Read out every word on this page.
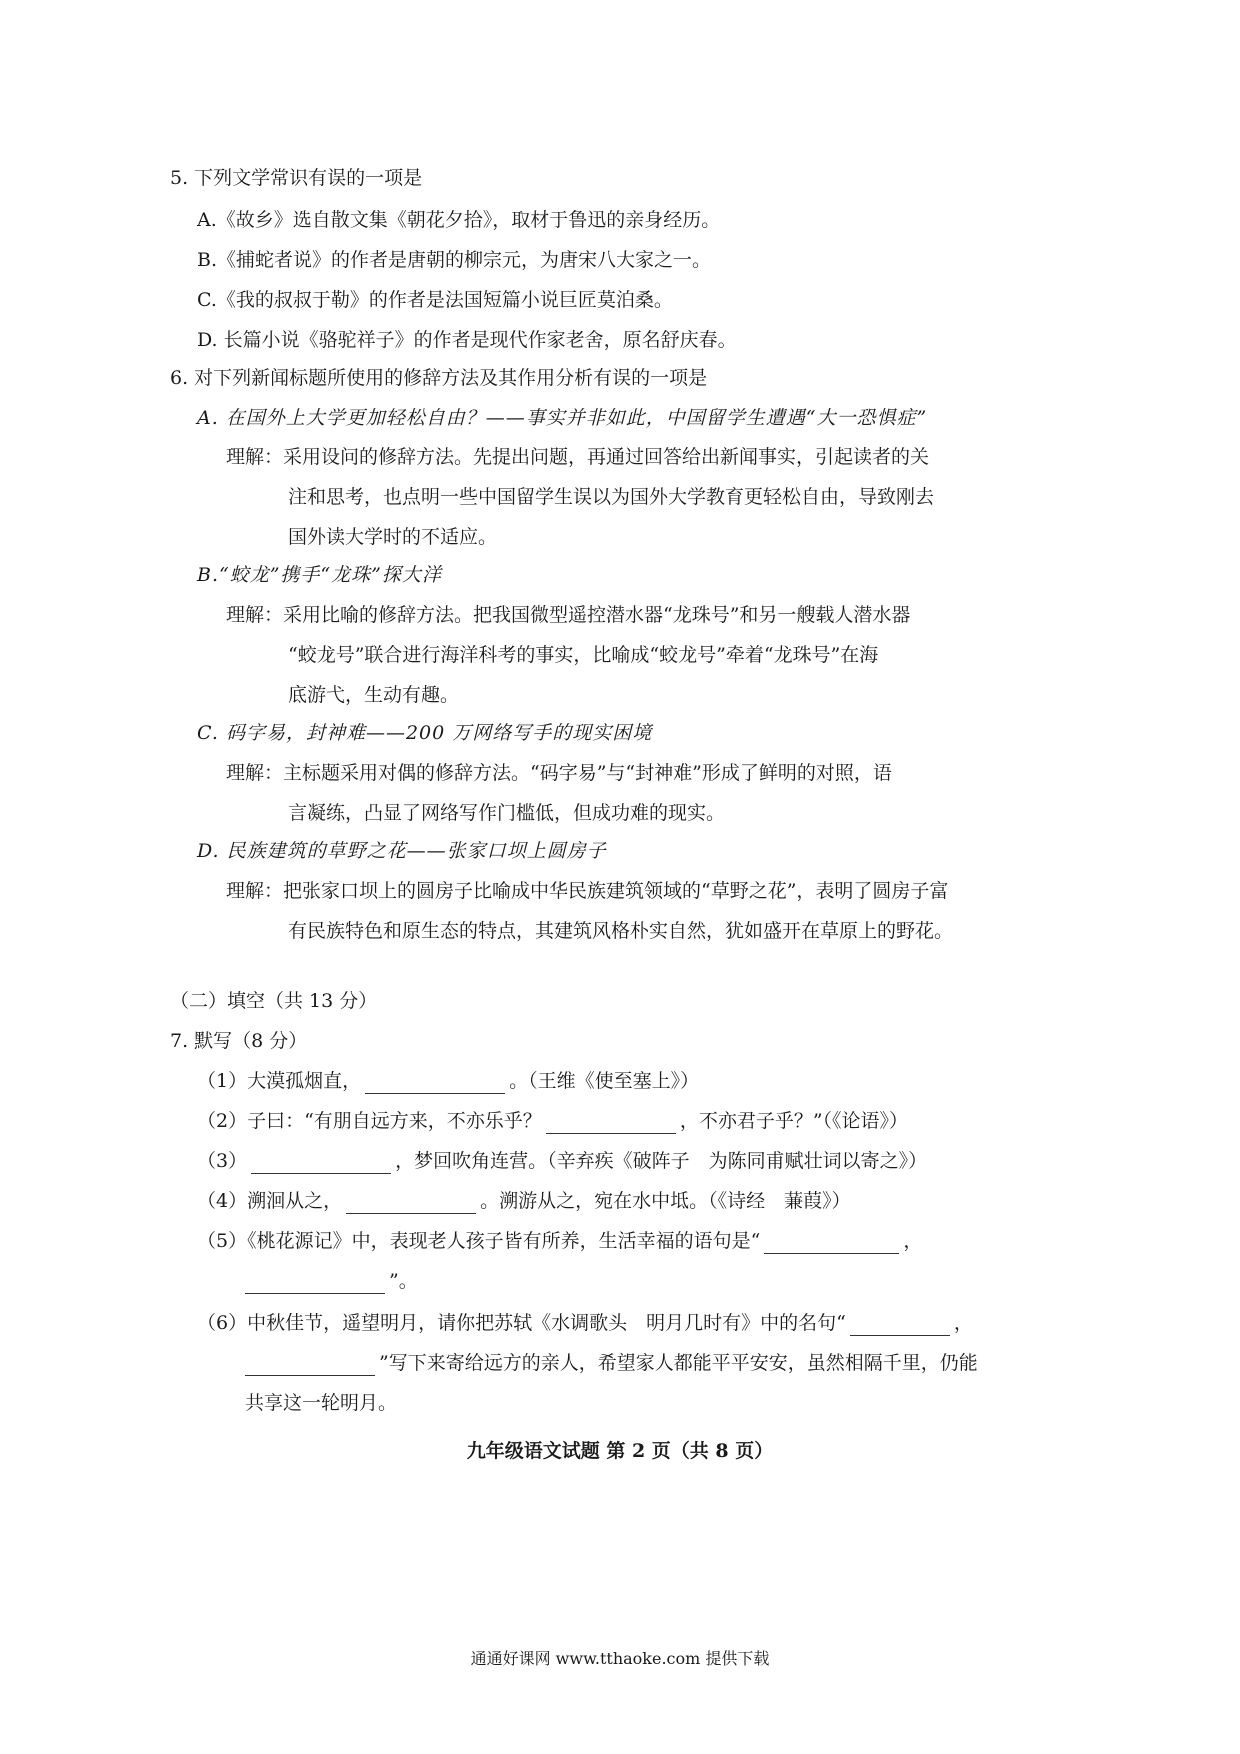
5. 下列文学常识有误的一项是
A.《故乡》选自散文集《朝花夕拾》，取材于鲁迅的亲身经历。
B.《捕蛇者说》的作者是唐朝的柳宗元，为唐宋八大家之一。
C.《我的叔叔于勒》的作者是法国短篇小说巨匠莫泊桑。
D. 长篇小说《骆驼祥子》的作者是现代作家老舍，原名舒庆春。
6. 对下列新闻标题所使用的修辞方法及其作用分析有误的一项是
A. 在国外上大学更加轻松自由？——事实并非如此，中国留学生遭遇“大一恐惧症”
理解：采用设问的修辞方法。先提出问题，再通过回答给出新闻事实，引起读者的关
注和思考，也点明一些中国留学生误以为国外大学教育更轻松自由，导致刚去
国外读大学时的不适应。
B.“蛟龙”携手“龙珠”探大洋
理解：采用比喻的修辞方法。把我国微型遥控潜水器“龙珠号”和另一艘载人潜水器
“蛟龙号”联合进行海洋科考的事实，比喻成“蛟龙号”牵着“龙珠号”在海
底游弋，生动有趣。
C. 码字易，封神难——200 万网络写手的现实困境
理解：主标题采用对偶的修辞方法。“码字易”与“封神难”形成了鲜明的对照，语
言凝练，凸显了网络写作门槛低，但成功难的现实。
D. 民族建筑的草野之花——张家口坝上圆房子
理解：把张家口坝上的圆房子比喻成中华民族建筑领域的“草野之花”，表明了圆房子富
有民族特色和原生态的特点，其建筑风格朴实自然，犹如盛开在草原上的野花。
（二）填空（共 13 分）
7. 默写（8 分）
（1）大漠孤烟直，	。（王维《使至塞上》）
（2）子曰：“有朋自远方来，不亦乐乎？	，不亦君子乎？”（《论语》）
（3）	，梦回吹角连营。（辛弃疾《破阵子　为陈同甫赋壮词以寄之》）
（4）溯洄从之，	。溯游从之，宛在水中坻。（《诗经　蒹葭》）
（5）《桃花源记》中，表现老人孩子皆有所养，生活幸福的语句是“	，
”。
（6）中秋佳节，遥望明月，请你把苏轼《水调歌头　明月几时有》中的名句“	，
”写下来寄给远方的亲人，希望家人都能平平安安，虽然相隔千里，仍能
共享这一轮明月。
九年级语文试题 第 2 页（共 8 页）
通通好课网 www.tthaoke.com 提供下载
